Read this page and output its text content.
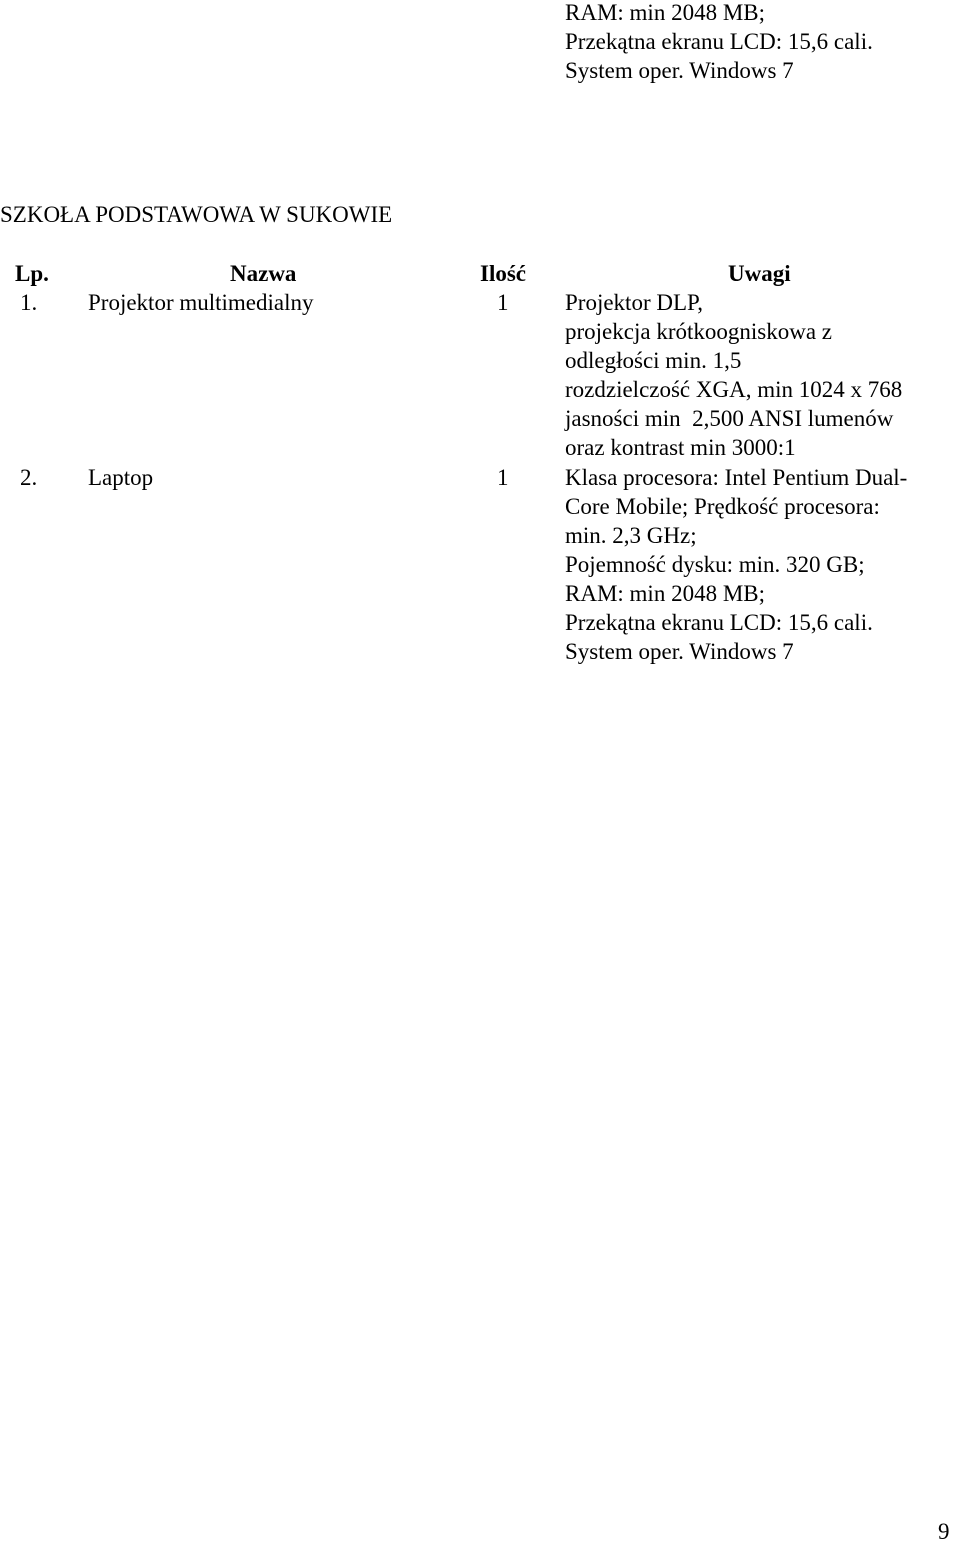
RAM: min 2048 MB;
Przekątna ekranu LCD: 15,6 cali.
System oper. Windows 7
SZKOŁA PODSTAWOWA W SUKOWIE
Lp.	Nazwa	Ilość	Uwagi
1. Projektor multimedialny	1 Projektor DLP,
projekcja krótkoogniskowa z
odległości min. 1,5
rozdzielczość XGA, min 1024 x 768
jasności min  2,500 ANSI lumenów
oraz kontrast min 3000:1
2. Laptop	1 Klasa procesora: Intel Pentium Dual-
Core Mobile; Prędkość procesora:
min. 2,3 GHz;
Pojemność dysku: min. 320 GB;
RAM: min 2048 MB;
Przekątna ekranu LCD: 15,6 cali.
System oper. Windows 7
9
